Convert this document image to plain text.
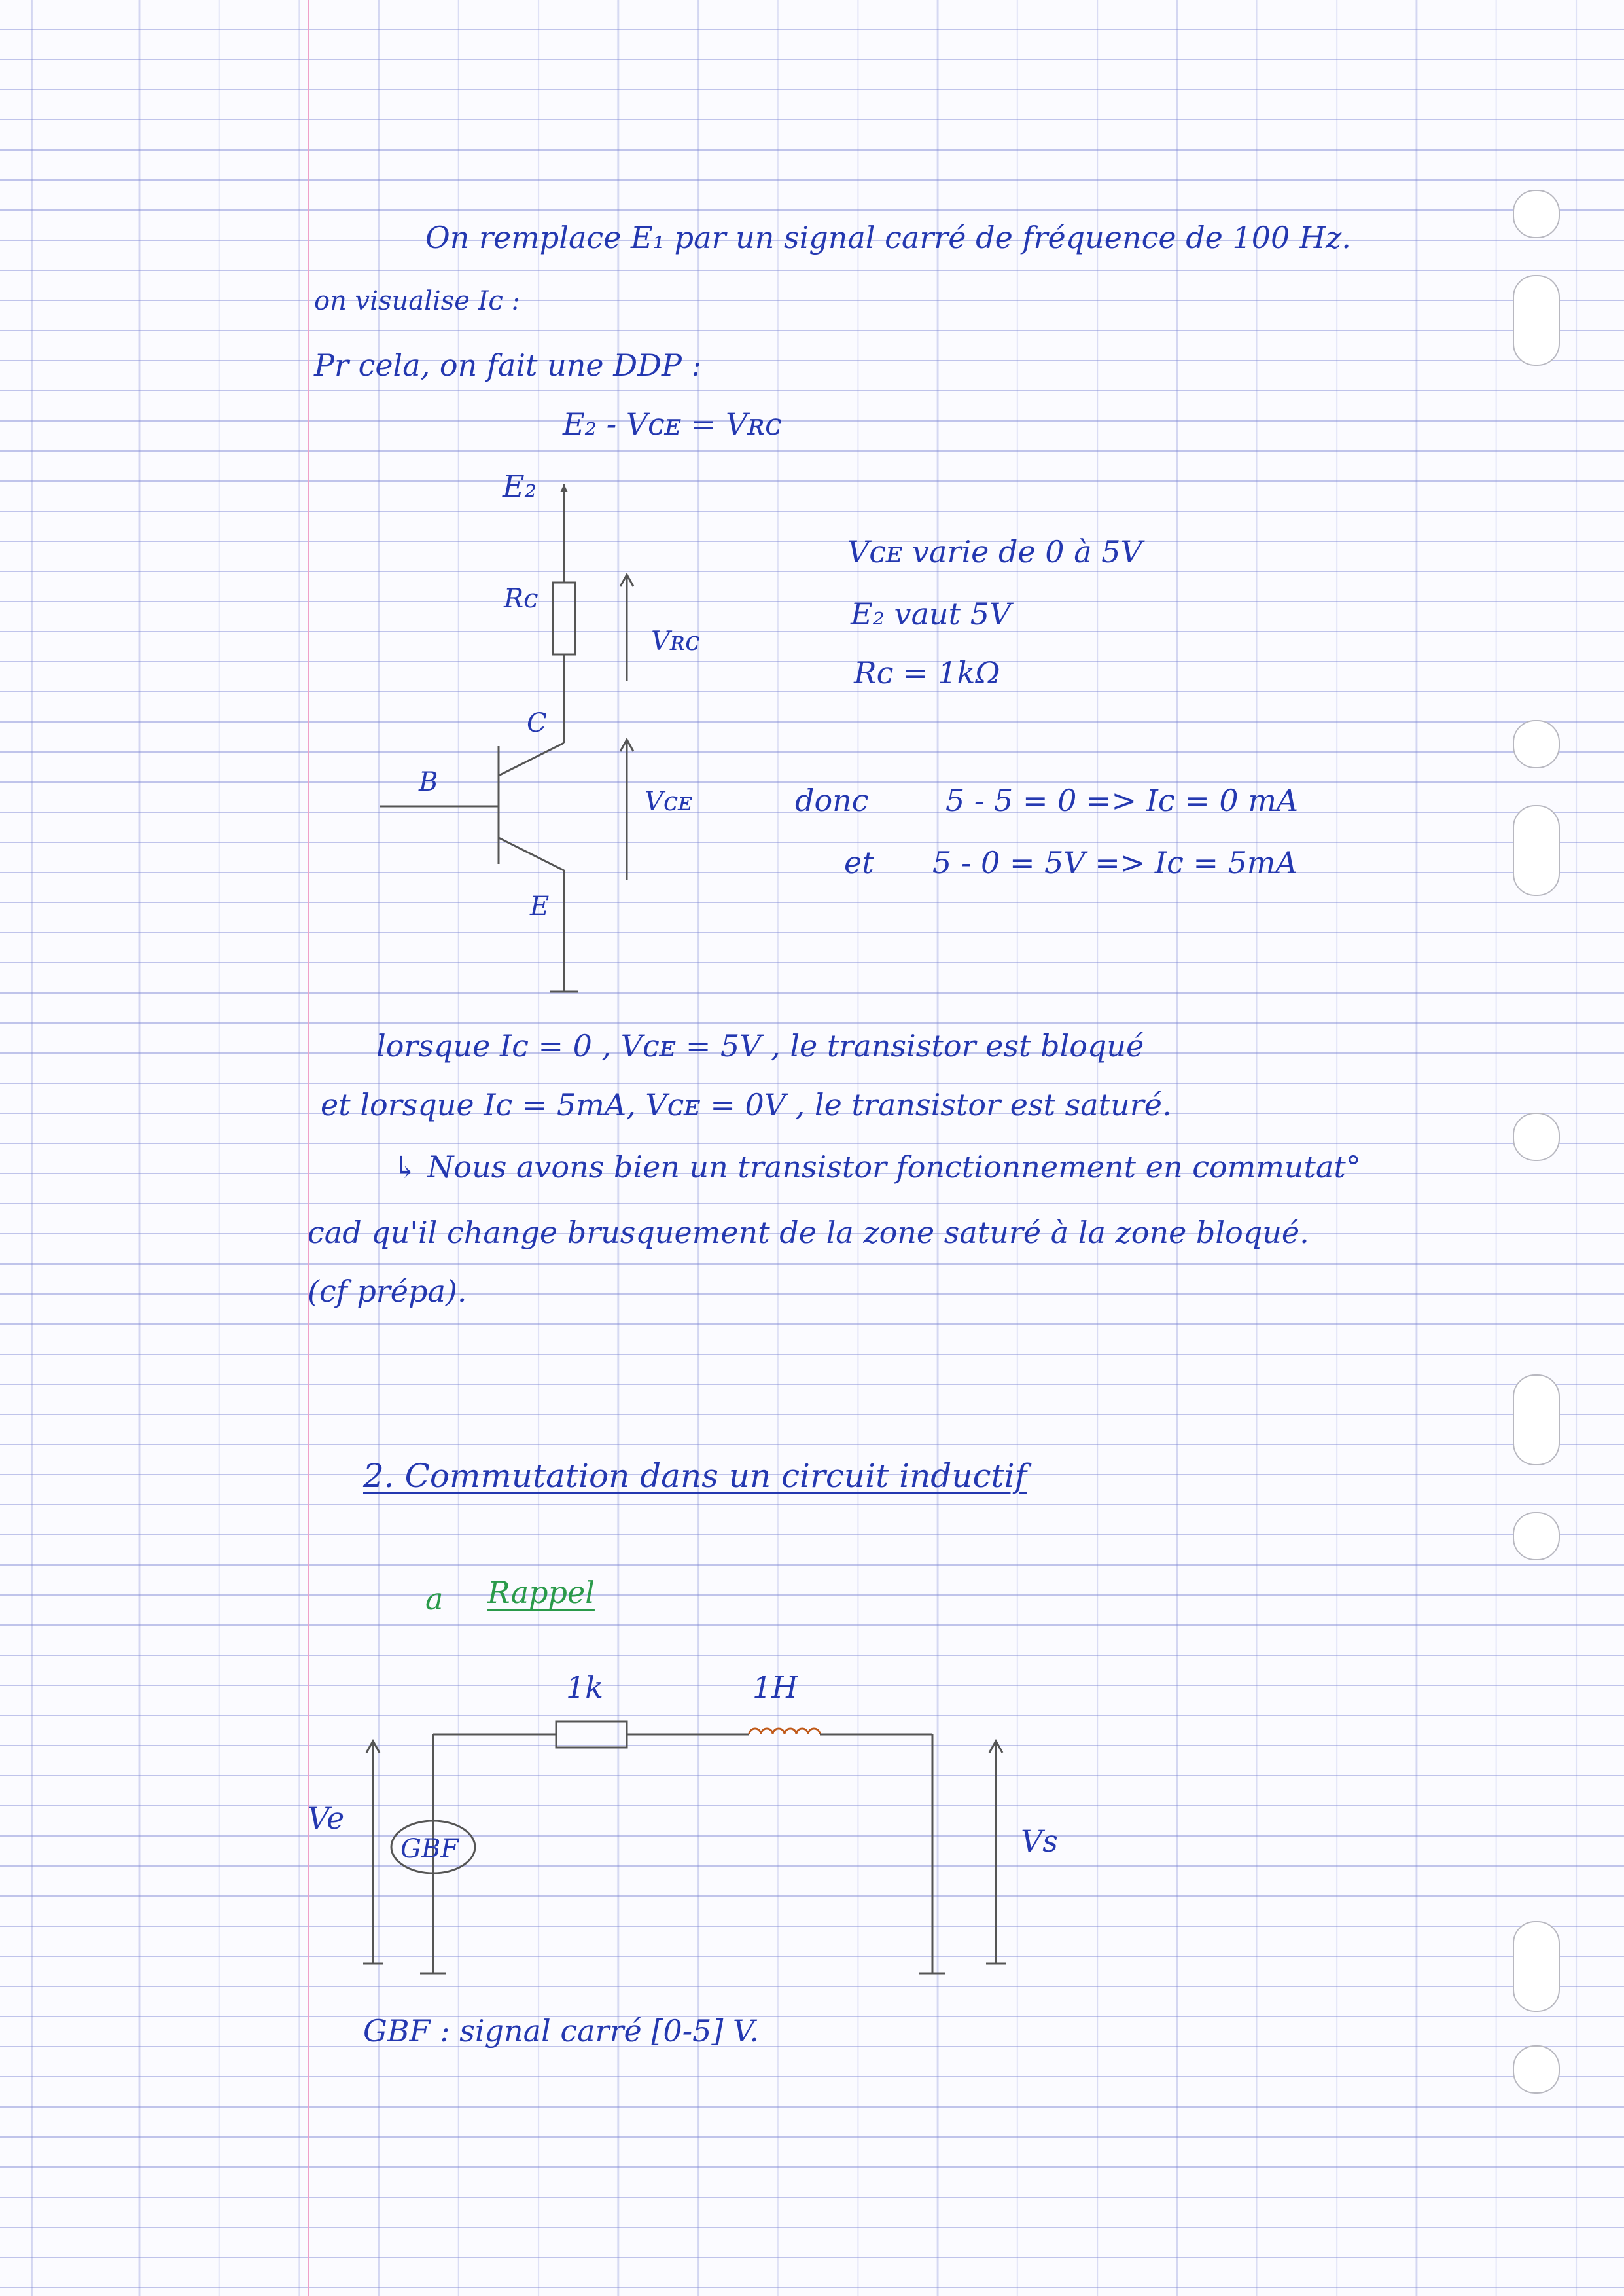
On remplace E₁ par un signal carré de fréquence de 100 Hz.
on visualise Iᴄ :
Pr cela, on fait une DDP :
E₂ - Vᴄᴇ = Vʀᴄ
E₂
Rᴄ
Vʀᴄ
C
B
Vᴄᴇ
E
Vᴄᴇ varie de 0 à 5V
E₂ vaut 5V
Rᴄ = 1kΩ
donc	5 - 5 = 0 => Iᴄ = 0 mA
et 5 - 0 = 5V => Iᴄ = 5mA
lorsque Iᴄ = 0 , Vᴄᴇ = 5V , le transistor est bloqué
et lorsque Iᴄ = 5mA, Vᴄᴇ = 0V , le transistor est saturé.
↳ Nous avons bien un transistor fonctionnement en commutat°
cad qu'il change brusquement de la zone saturé à la zone bloqué.
(cf prépa).
2. Commutation dans un circuit inductif
a Rappel
1k	1H
Ve
GBF	Vs
GBF : signal carré [0-5] V.
